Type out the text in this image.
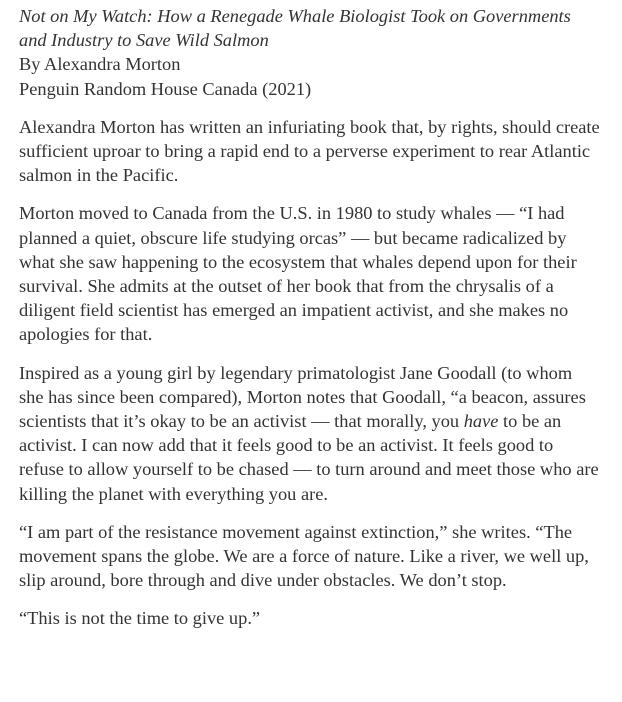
Not on My Watch: How a Renegade Whale Biologist Took on Governments and Industry to Save Wild Salmon
By Alexandra Morton
Penguin Random House Canada (2021)

Alexandra Morton has written an infuriating book that, by rights, should create sufficient uproar to bring a rapid end to a perverse experiment to rear Atlantic salmon in the Pacific.

Morton moved to Canada from the U.S. in 1980 to study whales — “I had planned a quiet, obscure life studying orcas” — but became radicalized by what she saw happening to the ecosystem that whales depend upon for their survival. She admits at the outset of her book that from the chrysalis of a diligent field scientist has emerged an impatient activist, and she makes no apologies for that.

Inspired as a young girl by legendary primatologist Jane Goodall (to whom she has since been compared), Morton notes that Goodall, “a beacon, assures scientists that it’s okay to be an activist — that morally, you have to be an activist. I can now add that it feels good to be an activist. It feels good to refuse to allow yourself to be chased — to turn around and meet those who are killing the planet with everything you are.

“I am part of the resistance movement against extinction,” she writes. “The movement spans the globe. We are a force of nature. Like a river, we well up, slip around, bore through and dive under obstacles. We don’t stop.

“This is not the time to give up.”
